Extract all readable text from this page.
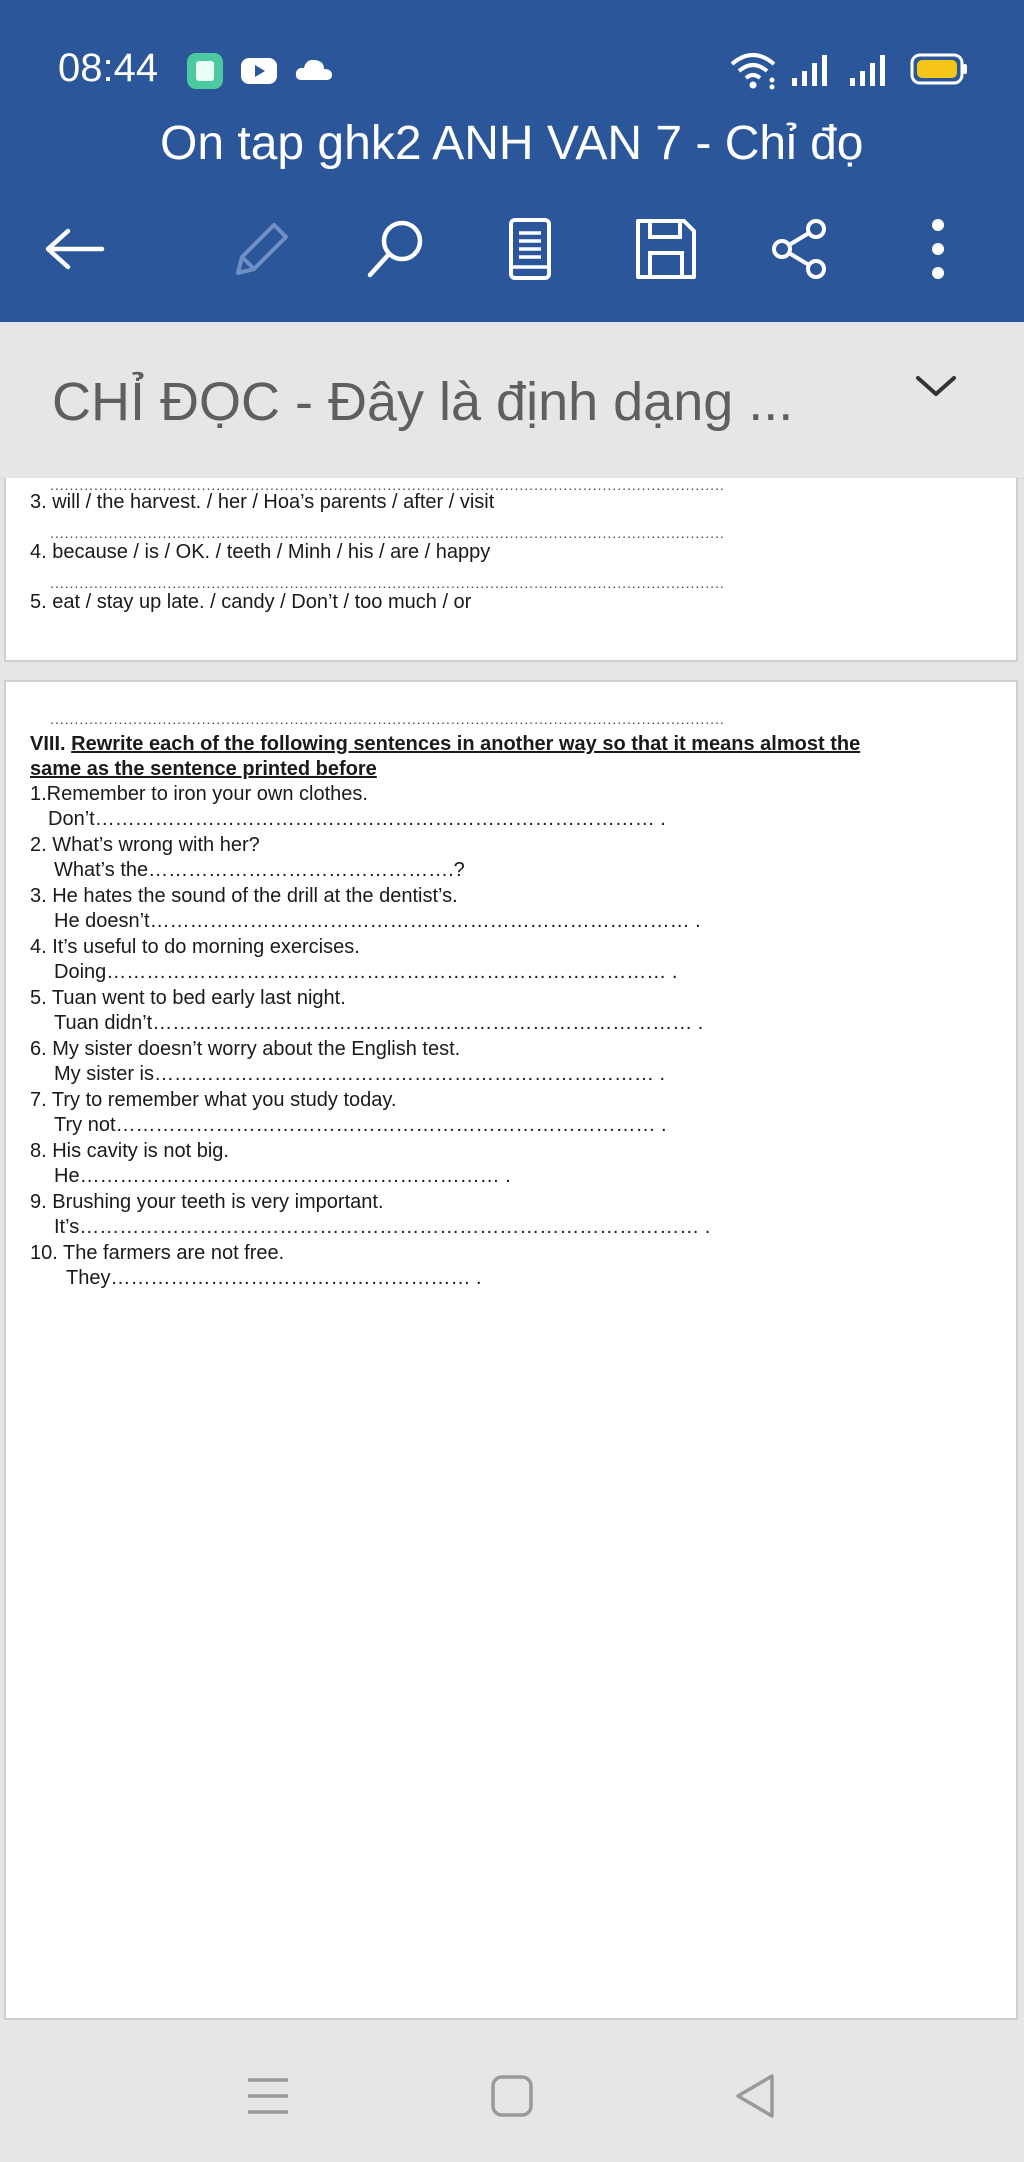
08:44
On tap ghk2 ANH VAN 7 - Chỉ đọ
CHỈ ĐỌC - Đây là định dạng ...
..........................................................................................................................................
3. will / the harvest. / her / Hoa’s parents / after / visit
..........................................................................................................................................
4. because / is / OK. / teeth / Minh / his / are / happy
..........................................................................................................................................
5. eat / stay up late. / candy / Don’t / too much / or
..........................................................................................................................................
VIII. Rewrite each of the following sentences in another way so that it means almost the
same as the sentence printed before
1.Remember to iron your own clothes.
Don’t………………………………………………………………………… .
2. What’s wrong with her?
What’s the……………………………………….?
3. He hates the sound of the drill at the dentist’s.
He doesn’t……………………………………………………………………… .
4. It’s useful to do morning exercises.
Doing………………………………………………………………………… .
5. Tuan went to bed early last night.
Tuan didn’t……………………………………………………………………… .
6. My sister doesn’t worry about the English test.
My sister is………………………………………………………………… .
7. Try to remember what you study today.
Try not……………………………………………………………………… .
8. His cavity is not big.
He……………………………………………………… .
9. Brushing your teeth is very important.
It’s………………………………………………………………………………… .
10. The farmers are not free.
They……………………………………………… .
